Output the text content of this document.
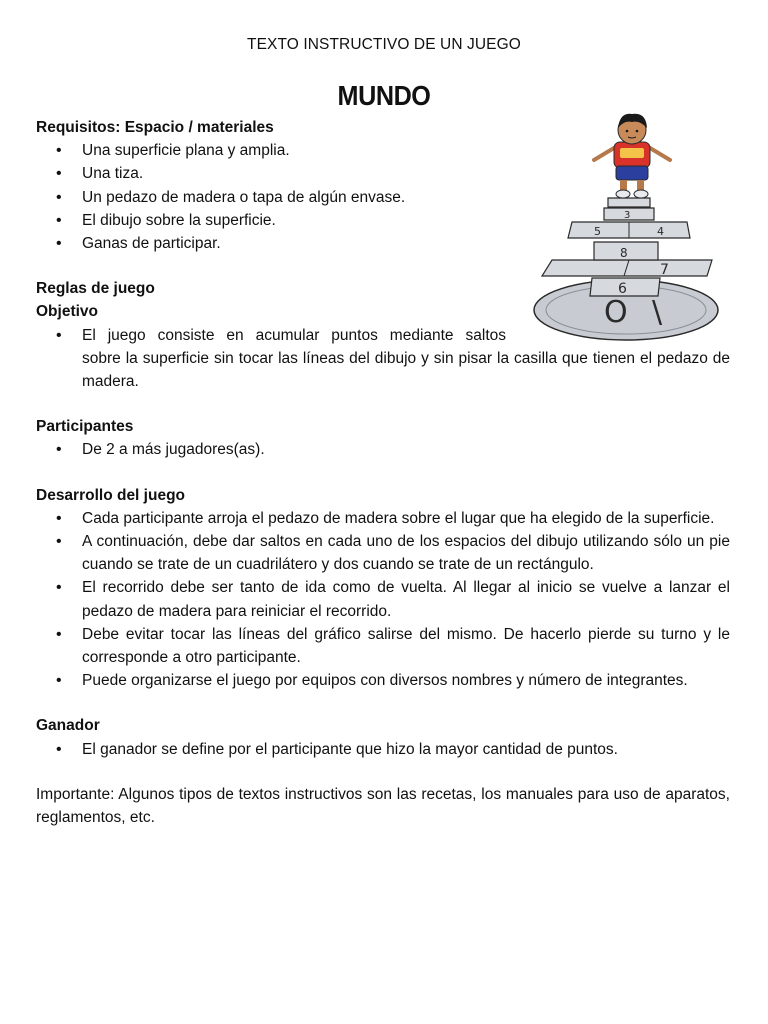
TEXTO INSTRUCTIVO DE UN JUEGO
MUNDO
O \
7
6
8
5	4
3

Requisitos: Espacio / materiales

• Una superficie plana y amplia.
• Una tiza.
• Un pedazo de madera o tapa de algún envase.
• El dibujo sobre la superficie.
• Ganas de participar.

Reglas de juego

Objetivo

• El juego consiste en acumular puntos mediante saltos
sobre la superficie sin tocar las líneas del dibujo y sin pisar la casilla que tienen el pedazo de madera.

Participantes

• De 2 a más jugadores(as).

Desarrollo del juego

• Cada participante arroja el pedazo de madera sobre el lugar que ha elegido de la superficie.
• A continuación, debe dar saltos en cada uno de los espacios del dibujo utilizando sólo un pie cuando se trate de un cuadrilátero y dos cuando se trate de un rectángulo.
• El recorrido debe ser tanto de ida como de vuelta. Al llegar al inicio se vuelve a lanzar el pedazo de madera para reiniciar el recorrido.
• Debe evitar tocar las líneas del gráfico salirse del mismo. De hacerlo pierde su turno y le corresponde a otro participante.
• Puede organizarse el juego por equipos con diversos nombres y número de integrantes.

Ganador

• El ganador se define por el participante que hizo la mayor cantidad de puntos.

Importante: Algunos tipos de textos instructivos son las recetas, los manuales para uso de aparatos, reglamentos, etc.
